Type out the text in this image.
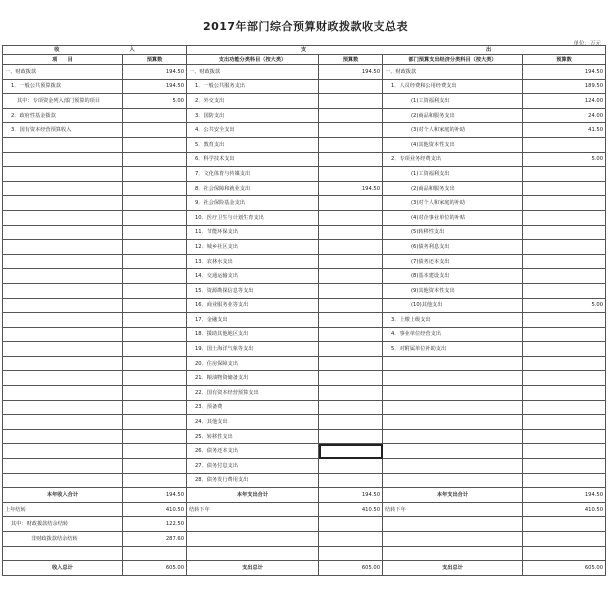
2017年部门综合预算财政拨款收支总表
单位：万元
收 入		支 出			
项　　目	预算数	支出功能分类科目（按大类）	预算数	部门预算支出经济分类科目（按大类）	预算数
一、财政拨款	194.50	一、财政拨款	194.50	一、财政拨款	194.50
1．一般公共预算拨款	194.50	1．一般公共服务支出		1．人员经费和公用经费支出	189.50
其中：专项资金列入部门预算的项目	5.00	2．外交支出		(1)工资福利支出	124.00
2．政府性基金拨款		3．国防支出		(2)商品和服务支出	24.00
3．国有资本经营预算收入		4．公共安全支出		(3)对个人和家庭的补助	41.50
		5．教育支出		(4)其他资本性支出	
		6．科学技术支出		2．专项业务经费支出	5.00
		7．文化体育与传媒支出		(1)工资福利支出	
		8．社会保障和就业支出	194.50	(2)商品和服务支出	
		9．社会保险基金支出		(3)对个人和家庭的补助	
		10．医疗卫生与计划生育支出		(4)对企事业单位的补贴	
		11．节能环保支出		(5)转移性支出	
		12．城乡社区支出		(6)债务利息支出	
		13．农林水支出		(7)债务还本支出	
		14．交通运输支出		(8)基本建设支出	
		15．资源勘探信息等支出		(9)其他资本性支出	
		16．商业服务业等支出		(10)其他支出	5.00
		17．金融支出		3．上缴上级支出	
		18．援助其他地区支出		4．事业单位经营支出	
		19．国土海洋气象等支出		5．对附属单位补助支出	
		20．住房保障支出			
		21．粮油物资储备支出			
		22．国有资本经营预算支出			
		23．预备费			
		24．其他支出			
		25．转移性支出			
		26．债务还本支出			
		27．债务付息支出			
		28．债务发行费用支出			
本年收入合计	194.50	本年支出合计	194.50	本年支出合计	194.50
上年结转	410.50	结转下年	410.50	结转下年	410.50
其中：财政拨款结余结转	122.50				
非财政拨款结余结转	287.60				

收入总计	605.00	支出总计	605.00	支出总计	605.00
